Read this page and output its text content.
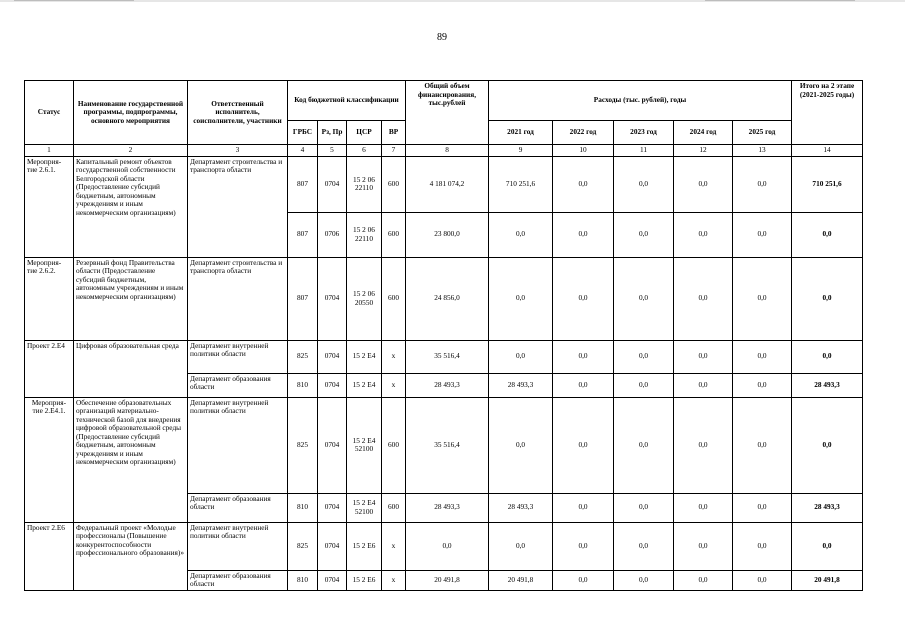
89
Статус	Наименование государственной программы, подпрограммы, основного мероприятия	Ответственный исполнитель, соисполнители, участники	Код бюджетной классификации				Общий объем финансирования, тыс.рублей	Расходы (тыс. рублей), годы					Итого на 2 этапе (2021-2025 годы)
			ГРБС	Рз, Пр	ЦСР	ВР		2021 год	2022 год	2023 год	2024 год	2025 год	
1	2	3	4	5	6	7	8	9	10	11	12	13	14
Мероприя-тие 2.6.1.	Капитальный ремонт объектов государственной собственности Белгородской области (Предоставление субсидий бюджетным, автономным учреждениям и иным некоммерческим организациям)	Департамент строительства и транспорта области	807	0704	15 2 06 22110	600	4 181 074,2	710 251,6	0,0	0,0	0,0	0,0	710 251,6
			807	0706	15 2 06 22110	600	23 800,0	0,0	0,0	0,0	0,0	0,0	0,0
Мероприя-тие 2.6.2.	Резервный фонд Правительства области (Предоставление субсидий бюджетным, автономным учреждениям и иным некоммерческим организациям)	Департамент строительства и транспорта области	807	0704	15 2 06 20550	600	24 856,0	0,0	0,0	0,0	0,0	0,0	0,0
Проект 2.Е4	Цифровая образовательная среда	Департамент внутренней политики области	825	0704	15 2 Е4	х	35 516,4	0,0	0,0	0,0	0,0	0,0	0,0
		Департамент образования области	810	0704	15 2 Е4	х	28 493,3	28 493,3	0,0	0,0	0,0	0,0	28 493,3
Мероприя-тие 2.Е4.1.	Обеспечение образовательных организаций материально-технической базой для внедрения цифровой образовательной среды (Предоставление субсидий бюджетным, автономным учреждениям и иным некоммерческим организациям)	Департамент внутренней политики области	825	0704	15 2 Е4 52100	600	35 516,4	0,0	0,0	0,0	0,0	0,0	0,0
		Департамент образования области	810	0704	15 2 Е4 52100	600	28 493,3	28 493,3	0,0	0,0	0,0	0,0	28 493,3
Проект 2.Е6	Федеральный проект «Молодые профессионалы (Повышение конкурентоспособности профессионального образования)»	Департамент внутренней политики области	825	0704	15 2 Е6	х	0,0	0,0	0,0	0,0	0,0	0,0	0,0
		Департамент образования области	810	0704	15 2 Е6	х	20 491,8	20 491,8	0,0	0,0	0,0	0,0	20 491,8
